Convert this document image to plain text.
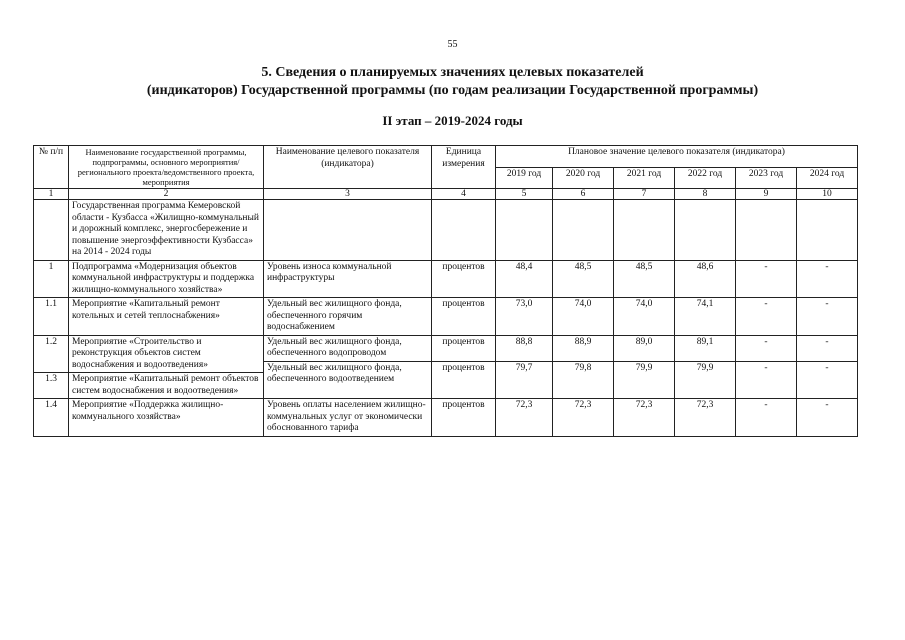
55
5. Сведения о планируемых значениях целевых показателей
(индикаторов) Государственной программы (по годам реализации Государственной программы)
II этап – 2019-2024 годы
№ п/п	Наименование государственной программы, подпрограммы, основного мероприятия/регионального проекта/ведомственного проекта, мероприятия	Наименование целевого показателя (индикатора)	Единица измерения	Плановое значение целевого показателя (индикатора)					
				2019 год	2020 год	2021 год	2022 год	2023 год	2024 год
1	2	3	4	5	6	7	8	9	10
	Государственная программа Кемеровской области - Кузбасса «Жилищно-коммунальный и дорожный комплекс, энергосбережение и повышение энергоэффективности Кузбасса» на 2014 - 2024 годы								
1	Подпрограмма «Модернизация объектов коммунальной инфраструктуры и поддержка жилищно-коммунального хозяйства»	Уровень износа коммунальной инфраструктуры	процентов	48,4	48,5	48,5	48,6	-	-
1.1	Мероприятие «Капитальный ремонт котельных и сетей теплоснабжения»	Удельный вес жилищного фонда, обеспеченного горячим водоснабжением	процентов	73,0	74,0	74,0	74,1	-	-
1.2	Мероприятие «Строительство и реконструкция объектов систем водоснабжения и водоотведения»	Удельный вес жилищного фонда, обеспеченного водопроводом	процентов	88,8	88,9	89,0	89,1	-	-
		Удельный вес жилищного фонда, обеспеченного водоотведением	процентов	79,7	79,8	79,9	79,9	-	-
1.3	Мероприятие «Капитальный ремонт объектов систем водоснабжения и водоотведения»								
1.4	Мероприятие «Поддержка жилищно-коммунального хозяйства»	Уровень оплаты населением жилищно-коммунальных услуг от экономически обоснованного тарифа	процентов	72,3	72,3	72,3	72,3	-	-
